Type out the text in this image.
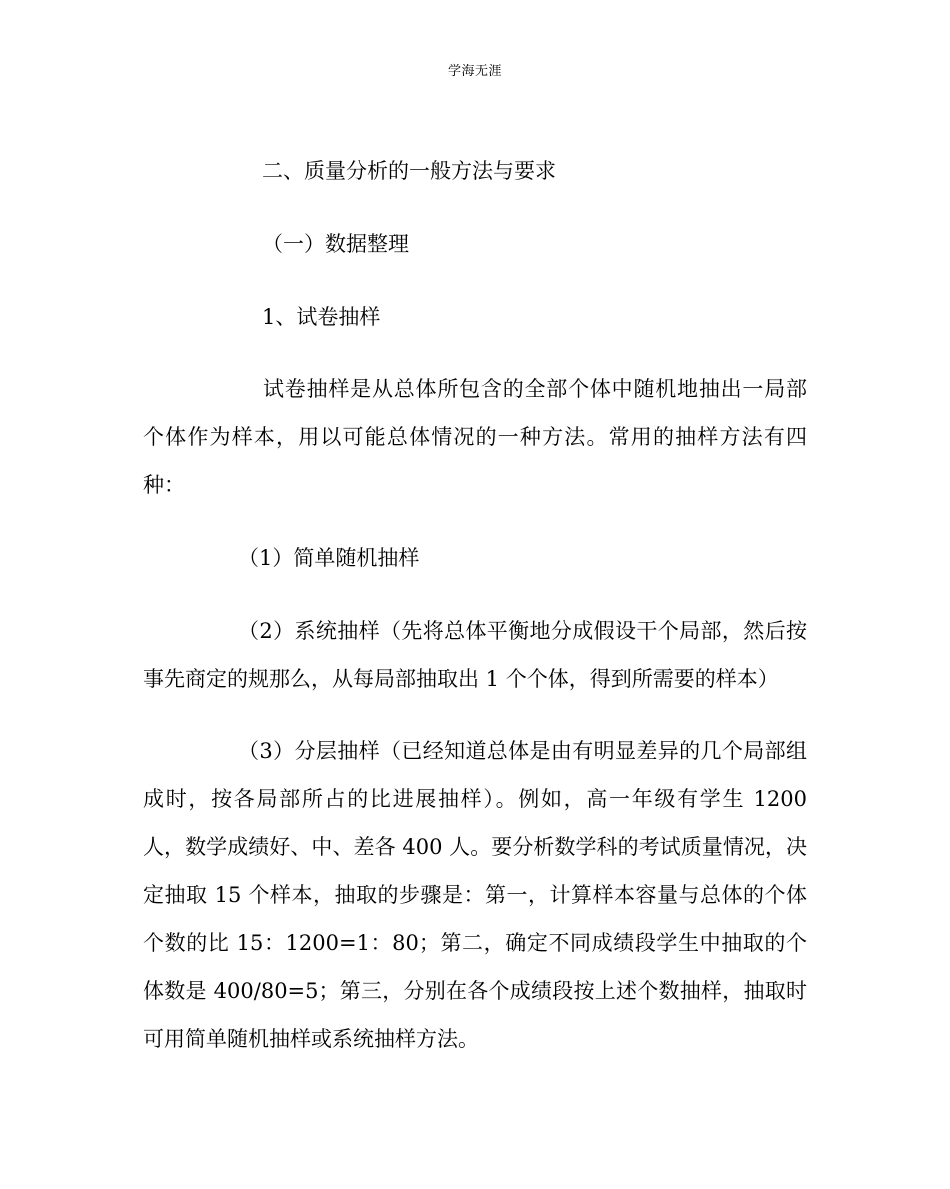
学海无涯
二、质量分析的一般方法与要求
（一）数据整理
1、试卷抽样

试卷抽样是从总体所包含的全部个体中随机地抽出一局部个体作为样本，用以可能总体情况的一种方法。常用的抽样方法有四种：

（1）简单随机抽样

（2）系统抽样（先将总体平衡地分成假设干个局部，然后按事先商定的规那么，从每局部抽取出 1 个个体，得到所需要的样本）

（3）分层抽样（已经知道总体是由有明显差异的几个局部组成时，按各局部所占的比进展抽样）。例如，高一年级有学生 1200 人，数学成绩好、中、差各 400 人。要分析数学科的考试质量情况，决定抽取 15 个样本，抽取的步骤是：第一，计算样本容量与总体的个体个数的比 15：1200=1：80；第二，确定不同成绩段学生中抽取的个体数是 400/80=5；第三，分别在各个成绩段按上述个数抽样，抽取时可用简单随机抽样或系统抽样方法。
